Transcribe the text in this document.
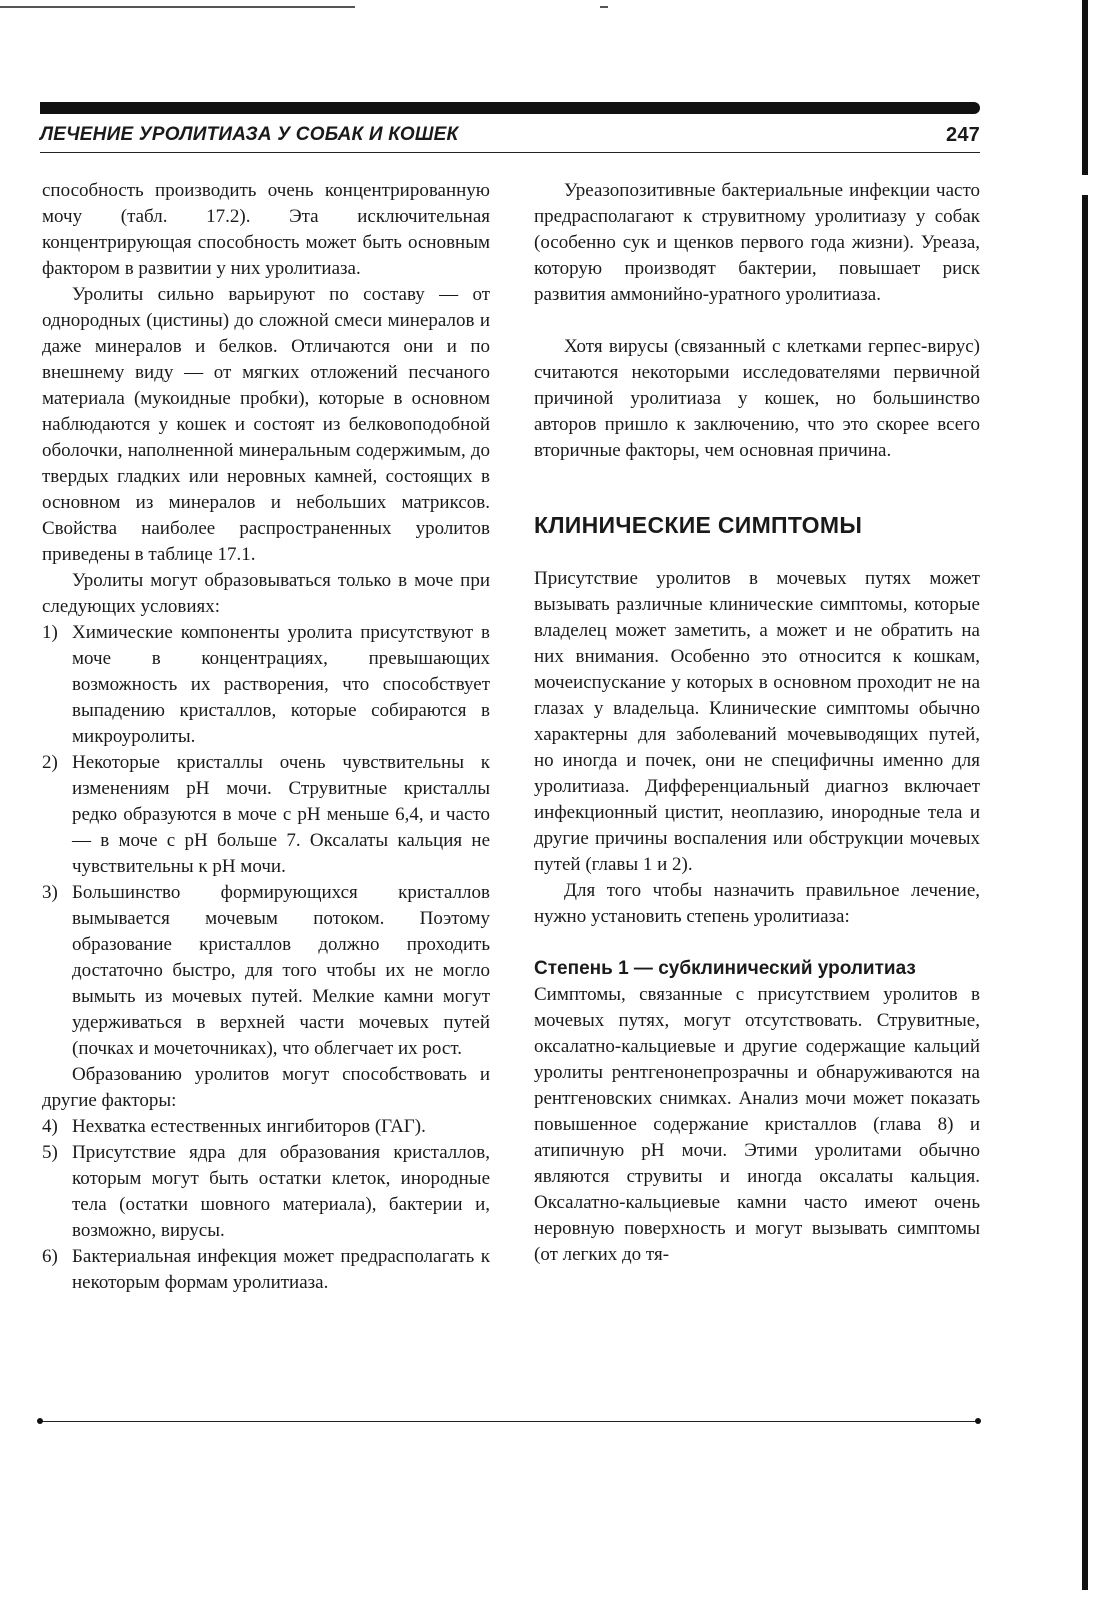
ЛЕЧЕНИЕ УРОЛИТИАЗА У СОБАК И КОШЕК	247

способность производить очень концентрированную мочу (табл. 17.2). Эта исключительная концентрирующая способность может быть основным фактором в развитии у них уролитиаза.

Уролиты сильно варьируют по составу — от однородных (цистины) до сложной смеси минералов и даже минералов и белков. Отличаются они и по внешнему виду — от мягких отложений песчаного материала (мукоидные пробки), которые в основном наблюдаются у кошек и состоят из белковоподобной оболочки, наполненной минеральным содержимым, до твердых гладких или неровных камней, состоящих в основном из минералов и небольших матриксов. Свойства наиболее распространенных уролитов приведены в таблице 17.1.

Уролиты могут образовываться только в моче при следующих условиях:

1) Химические компоненты уролита присутствуют в моче в концентрациях, превышающих возможность их растворения, что способствует выпадению кристаллов, которые собираются в микроуролиты.
2) Некоторые кристаллы очень чувствительны к изменениям pH мочи. Струвитные кристаллы редко образуются в моче с pH меньше 6,4, и часто — в моче с pH больше 7. Оксалаты кальция не чувствительны к pH мочи.
3) Большинство формирующихся кристаллов вымывается мочевым потоком. Поэтому образование кристаллов должно проходить достаточно быстро, для того чтобы их не могло вымыть из мочевых путей. Мелкие камни могут удерживаться в верхней части мочевых путей (почках и мочеточниках), что облегчает их рост.

Образованию уролитов могут способствовать и другие факторы:

4) Нехватка естественных ингибиторов (ГАГ).
5) Присутствие ядра для образования кристаллов, которым могут быть остатки клеток, инородные тела (остатки шовного материала), бактерии и, возможно, вирусы.
6) Бактериальная инфекция может предрасполагать к некоторым формам уролитиаза.

Уреазопозитивные бактериальные инфекции часто предрасполагают к струвитному уролитиазу у собак (особенно сук и щенков первого года жизни). Уреаза, которую производят бактерии, повышает риск развития аммонийно-уратного уролитиаза.

Хотя вирусы (связанный с клетками герпес-вирус) считаются некоторыми исследователями первичной причиной уролитиаза у кошек, но большинство авторов пришло к заключению, что это скорее всего вторичные факторы, чем основная причина.

КЛИНИЧЕСКИЕ СИМПТОМЫ

Присутствие уролитов в мочевых путях может вызывать различные клинические симптомы, которые владелец может заметить, а может и не обратить на них внимания. Особенно это относится к кошкам, мочеиспускание у которых в основном проходит не на глазах у владельца. Клинические симптомы обычно характерны для заболеваний мочевыводящих путей, но иногда и почек, они не специфичны именно для уролитиаза. Дифференциальный диагноз включает инфекционный цистит, неоплазию, инородные тела и другие причины воспаления или обструкции мочевых путей (главы 1 и 2).

Для того чтобы назначить правильное лечение, нужно установить степень уролитиаза:

Степень 1 — субклинический уролитиаз

Симптомы, связанные с присутствием уролитов в мочевых путях, могут отсутствовать. Струвитные, оксалатно-кальциевые и другие содержащие кальций уролиты рентгенонепрозрачны и обнаруживаются на рентгеновских снимках. Анализ мочи может показать повышенное содержание кристаллов (глава 8) и атипичную pH мочи. Этими уролитами обычно являются струвиты и иногда оксалаты кальция. Оксалатно-кальциевые камни часто имеют очень неровную поверхность и могут вызывать симптомы (от легких до тя-
